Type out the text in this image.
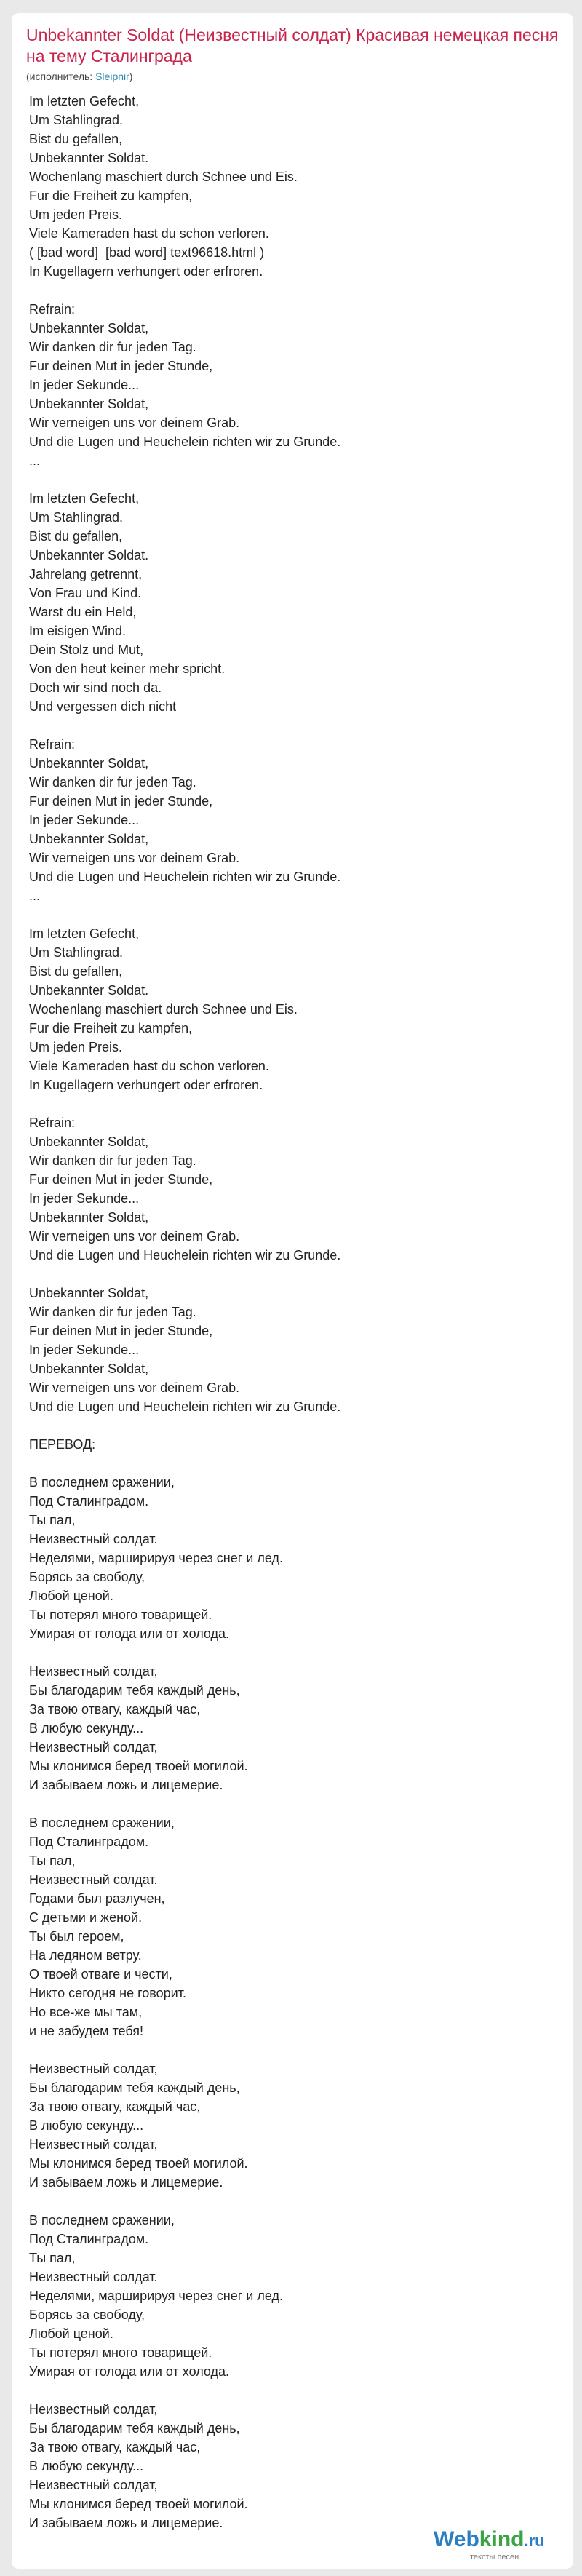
Unbekannter Soldat (Неизвестный солдат) Красивая немецкая песня на тему Сталинграда
(исполнитель: Sleipnir)
Im letzten Gefecht,
Um Stahlingrad.
Bist du gefallen,
Unbekannter Soldat.
Wochenlang maschiert durch Schnee und Eis.
Fur die Freiheit zu kampfen,
Um jeden Preis.
Viele Kameraden hast du schon verloren.
( [bad word]  [bad word] text96618.html )
In Kugellagern verhungert oder erfroren.
Refrain:
Unbekannter Soldat,
Wir danken dir fur jeden Tag.
Fur deinen Mut in jeder Stunde,
In jeder Sekunde...
Unbekannter Soldat,
Wir verneigen uns vor deinem Grab.
Und die Lugen und Heuchelein richten wir zu Grunde.
...
Im letzten Gefecht,
Um Stahlingrad.
Bist du gefallen,
Unbekannter Soldat.
Jahrelang getrennt,
Von Frau und Kind.
Warst du ein Held,
Im eisigen Wind.
Dein Stolz und Mut,
Von den heut keiner mehr spricht.
Doch wir sind noch da.
Und vergessen dich nicht
Refrain:
Unbekannter Soldat,
Wir danken dir fur jeden Tag.
Fur deinen Mut in jeder Stunde,
In jeder Sekunde...
Unbekannter Soldat,
Wir verneigen uns vor deinem Grab.
Und die Lugen und Heuchelein richten wir zu Grunde.
...
Im letzten Gefecht,
Um Stahlingrad.
Bist du gefallen,
Unbekannter Soldat.
Wochenlang maschiert durch Schnee und Eis.
Fur die Freiheit zu kampfen,
Um jeden Preis.
Viele Kameraden hast du schon verloren.
In Kugellagern verhungert oder erfroren.
Refrain:
Unbekannter Soldat,
Wir danken dir fur jeden Tag.
Fur deinen Mut in jeder Stunde,
In jeder Sekunde...
Unbekannter Soldat,
Wir verneigen uns vor deinem Grab.
Und die Lugen und Heuchelein richten wir zu Grunde.
Unbekannter Soldat,
Wir danken dir fur jeden Tag.
Fur deinen Mut in jeder Stunde,
In jeder Sekunde...
Unbekannter Soldat,
Wir verneigen uns vor deinem Grab.
Und die Lugen und Heuchelein richten wir zu Grunde.
ПЕРЕВОД:
В последнем сражении,
Под Сталинградом.
Ты пал,
Неизвестный солдат.
Неделями, марширируя через снег и лед.
Борясь за свободу,
Любой ценой.
Ты потерял много товарищей.
Умирая от голода или от холода.
Неизвестный солдат,
Бы благодарим тебя каждый день,
За твою отвагу, каждый час,
В любую секунду...
Неизвестный солдат,
Мы клонимся беред твоей могилой.
И забываем ложь и лицемерие.
В последнем сражении,
Под Сталинградом.
Ты пал,
Неизвестный солдат.
Годами был разлучен,
С детьми и женой.
Ты был героем,
На ледяном ветру.
О твоей отваге и чести,
Никто сегодня не говорит.
Но все-же мы там,
и не забудем тебя!
Неизвестный солдат,
Бы благодарим тебя каждый день,
За твою отвагу, каждый час,
В любую секунду...
Неизвестный солдат,
Мы клонимся беред твоей могилой.
И забываем ложь и лицемерие.
В последнем сражении,
Под Сталинградом.
Ты пал,
Неизвестный солдат.
Неделями, марширируя через снег и лед.
Борясь за свободу,
Любой ценой.
Ты потерял много товарищей.
Умирая от голода или от холода.
Неизвестный солдат,
Бы благодарим тебя каждый день,
За твою отвагу, каждый час,
В любую секунду...
Неизвестный солдат,
Мы клонимся беред твоей могилой.
И забываем ложь и лицемерие.
Webkind.ru
тексты песен
